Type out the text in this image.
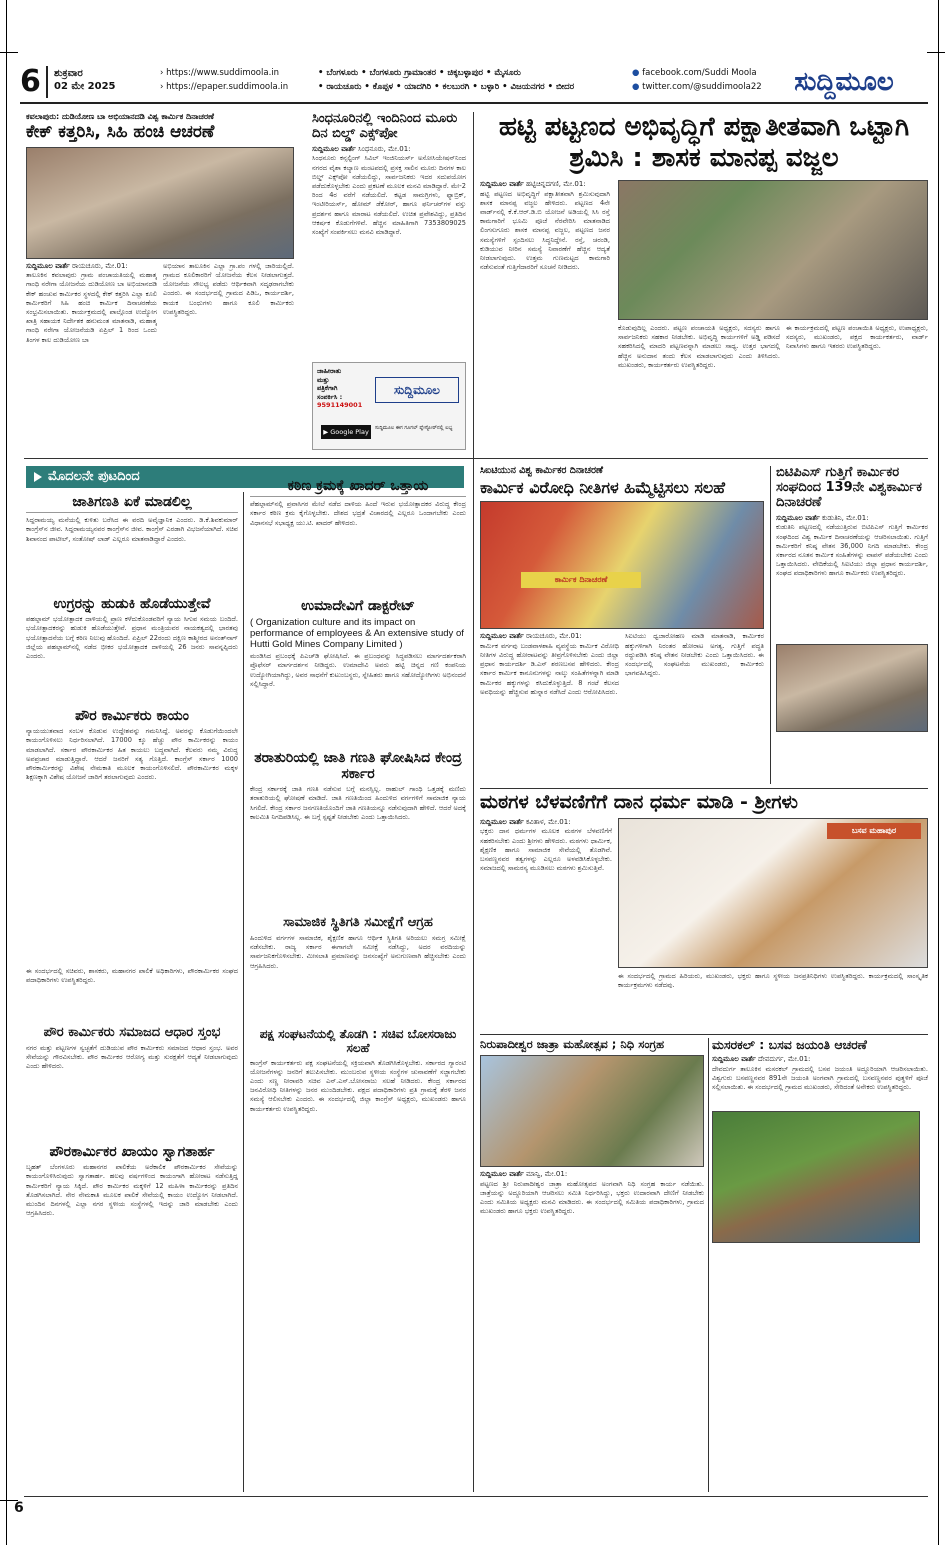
6 ಶುಕ್ರವಾರ
02 ಮೇ 2025
› https://www.suddimoola.in
› https://epaper.suddimoola.in
• ಬೆಂಗಳೂರು • ಬೆಂಗಳೂರು ಗ್ರಾಮಾಂತರ • ಚಿಕ್ಕಬಳ್ಳಾಪುರ • ಮೈಸೂರು
• ರಾಯಚೂರು • ಕೊಪ್ಪಳ • ಯಾದಗಿರಿ • ಕಲಬುರಗಿ • ಬಳ್ಳಾರಿ • ವಿಜಯನಗರ • ಬೀದರ
● facebook.com/Suddi Moola
● twitter.com/@suddimoola22	ಸುದ್ದಿಮೂಲ
ಕವಲಾಪುರು: ದುಡಿಯೋಣ ಬಾ ಅಭಿಯಾನದಡಿ ವಿಶ್ವ ಕಾರ್ಮಿಕ ದಿನಾಚರಣೆ
ಕೇಕ್ ಕತ್ತರಿಸಿ, ಸಿಹಿ ಹಂಚಿ ಆಚರಣೆ
ಸುದ್ದಿಮೂಲ ವಾರ್ತೆ ರಾಯಚೂರು, ಮೇ.01:
ತಾಲೂಕಿನ ಕವಲಾಪುರು ಗ್ರಾಮ ಪಂಚಾಯತಿಯಲ್ಲಿ ಮಹಾತ್ಮ ಗಾಂಧಿ ನರೇಗಾ ಯೋಜನೆಯ ದುಡಿಯೋಣ ಬಾ ಅಭಿಯಾನದಡಿ ಕೇಕ್ ಹಂಚುವ ಕಾರ್ಮಿಕರ ಸ್ಥಳದಲ್ಲಿ ಕೇಕ್ ಕತ್ತರಿಸಿ ಎಲ್ಲಾ ಕೂಲಿ ಕಾರ್ಮಿಕರಿಗೆ ಸಿಹಿ ಹಂಚಿ ಕಾರ್ಮಿಕ ದಿನಾಚರಣೆಯ ಸಂಭ್ರಮಿಸಲಾಯಿತು. ಕಾರ್ಯಕ್ರಮದಲ್ಲಿ ಪಾಲ್ಗೊಂಡ ಉದ್ಯೋಗ ಖಾತ್ರಿ ಸಹಾಯಕ ನಿರ್ದೇಶಕ ಹನುಮಂತ ಮಾತನಾಡಿ, ಮಹಾತ್ಮ ಗಾಂಧಿ ನರೇಗಾ ಯೋಜನೆಯಡಿ ಏಪ್ರಿಲ್ 1 ರಿಂದ ಒಂದು ತಿಂಗಳ ಕಾಲ ದುಡಿಯೋಣ ಬಾ
ಅಭಿಯಾನ ತಾಲೂಕಿನ ಎಲ್ಲಾ ಗ್ರಾ.ಪಂ ಗಳಲ್ಲಿ ಜಾರಿಯಲ್ಲಿದೆ. ಗ್ರಾಮದ ಕೂಲಿಕಾರರಿಗೆ ಯೋಜನೆಯ ಕೆಲಸ ನೀಡಲಾಗುತ್ತದೆ. ಯೋಜನೆಯ ಸೌಲಭ್ಯ ಪಡೆದು ಆರ್ಥಿಕವಾಗಿ ಸದೃಢರಾಗಬೇಕು ಎಂದರು. ಈ ಸಂದರ್ಭದಲ್ಲಿ ಗ್ರಾಮದ ಪಿಡಿಒ, ಕಾರ್ಯದರ್ಶಿ, ಕಾಯಕ ಬಂಧುಗಳು ಹಾಗೂ ಕೂಲಿ ಕಾರ್ಮಿಕರು ಉಪಸ್ಥಿತರಿದ್ದರು.
ಸಿಂಧನೂರಿನಲ್ಲಿ ಇಂದಿನಿಂದ ಮೂರು ದಿನ ಬಿಲ್ಡ್ ಎಕ್ಸ್‌ಪೋ
ಸುದ್ದಿಮೂಲ ವಾರ್ತೆ ಸಿಂಧನೂರು, ಮೇ.01:
ಸಿಂಧನೂರು ಕನ್ಸಲ್ಟಿಂಗ್ ಸಿವಿಲ್ ಇಂಜಿನಿಯರ್ಸ್ ಅಸೋಸಿಯೇಷನ್‌ನಿಂದ ನಗರದ ವೈಶಾ ಕಲ್ಯಾಣ ಮಂಟಪದಲ್ಲಿ ಪ್ರಸಕ್ತ ಸಾಲಿನ ಮೂರು ದಿನಗಳ ಕಾಲ ಬಿಲ್ಡ್ ಎಕ್ಸ್‌ಪೋ ನಡೆಯಲಿದ್ದು, ಸಾರ್ವಜನಿಕರು ಇದರ ಸದುಪಯೋಗ ಪಡೆದುಕೊಳ್ಳಬೇಕು ಎಂದು ಪ್ರಕಟಣೆ ಮೂಲಕ ಮನವಿ ಮಾಡಿದ್ದಾರೆ. ಮೇ-2 ರಿಂದ 4ರ ವರೆಗೆ ನಡೆಯಲಿದೆ. ಕಟ್ಟಡ ಸಾಮಗ್ರಿಗಳು, ಫ್ಯಾಬ್ರಿಕ್, ಇಂಟೀರಿಯರ್ಸ್, ಹೋಮ್ ಡೆಕೋರ್, ಹಾಗೂ ಫರ್ನಿಚರ್‌ಗಳ ವಸ್ತು ಪ್ರದರ್ಶನ ಹಾಗೂ ಮಾರಾಟ ನಡೆಯಲಿದೆ. ಉಚಿತ ಪ್ರವೇಶವಿದ್ದು, ಪ್ರತಿದಿನ ಆಕರ್ಷಕ ಕೊಡುಗೆಗಳಿವೆ. ಹೆಚ್ಚಿನ ಮಾಹಿತಿಗಾಗಿ 7353809025 ಸಂಖ್ಯೆಗೆ ಸಂಪರ್ಕಿಸಲು ಮನವಿ ಮಾಡಿದ್ದಾರೆ.
ಜಾಹೀರಾತು
ಮತ್ತು
ಪತ್ರಿಕೆಗಾಗಿ
ಸಂಪರ್ಕಿಸಿ :
9591149001
ಸುದ್ದಿಮೂಲ
▶ Google Play	ಸುದ್ದಿಮೂಲ ಈಗ ಗೂಗಲ್ ಪ್ಲೇಸ್ಟೋರ್‌ನಲ್ಲಿ ಲಭ್ಯ
ಹಟ್ಟಿ ಪಟ್ಟಣದ ಅಭಿವೃದ್ಧಿಗೆ ಪಕ್ಷಾತೀತವಾಗಿ ಒಟ್ಟಾಗಿ ಶ್ರಮಿಸಿ : ಶಾಸಕ ಮಾನಪ್ಪ ವಜ್ಜಲ
ಸುದ್ದಿಮೂಲ ವಾರ್ತೆ ಹಟ್ಟಿಚಿನ್ನದಗಣಿ, ಮೇ.01:
ಹಟ್ಟಿ ಪಟ್ಟಣದ ಅಭಿವೃದ್ಧಿಗೆ ಪಕ್ಷಾತೀತವಾಗಿ ಶ್ರಮಿಸುವುದಾಗಿ ಶಾಸಕ ಮಾನಪ್ಪ ವಜ್ಜಲ ಹೇಳಿದರು. ಪಟ್ಟಣದ 4ನೇ ವಾರ್ಡ್‌ನಲ್ಲಿ ಕೆ.ಕೆ.ಆರ್.ಡಿ.ಬಿ ಯೋಜನೆ ಅಡಿಯಲ್ಲಿ ಸಿಸಿ ರಸ್ತೆ ಕಾಮಗಾರಿಗೆ ಭೂಮಿ ಪೂಜೆ ನೆರವೇರಿಸಿ ಮಾತನಾಡಿದ ಲಿಂಗಸುಗೂರು ಶಾಸಕ ಮಾನಪ್ಪ ವಜ್ಜಲ, ಪಟ್ಟಣದ ಜನರ ಸಮಸ್ಯೆಗಳಿಗೆ ಸ್ಪಂದಿಸಲು ಸಿದ್ಧನಿದ್ದೇನೆ. ರಸ್ತೆ, ಚರಂಡಿ, ಕುಡಿಯುವ ನೀರಿನ ಸಮಸ್ಯೆ ನಿವಾರಣೆಗೆ ಹೆಚ್ಚಿನ ಆದ್ಯತೆ ನೀಡಲಾಗುವುದು. ಉತ್ತಮ ಗುಣಮಟ್ಟದ ಕಾಮಗಾರಿ ನಡೆಸುವಂತೆ ಗುತ್ತಿಗೆದಾರರಿಗೆ ಸೂಚನೆ ನೀಡಿದರು.
ಕೊಡುವುದಿಲ್ಲ ಎಂದರು. ಪಟ್ಟಣ ಪಂಚಾಯತಿ ಅಧ್ಯಕ್ಷರು, ಸದಸ್ಯರು ಹಾಗೂ ಸಾರ್ವಜನಿಕರು ಸಹಕಾರ ನೀಡಬೇಕು. ಅಭಿವೃದ್ಧಿ ಕಾರ್ಯಗಳಿಗೆ ಅಡ್ಡಿ ಪಡಿಸದೆ ಸಹಕರಿಸಿದಲ್ಲಿ ಮಾದರಿ ಪಟ್ಟಣವನ್ನಾಗಿ ಮಾಡಲು ಸಾಧ್ಯ. ಉತ್ತರ ಭಾಗದಲ್ಲಿ ಹೆಚ್ಚಿನ ಅನುದಾನ ತಂದು ಕೆಲಸ ಮಾಡಲಾಗುವುದು ಎಂದು ತಿಳಿಸಿದರು. ಮುಖಂಡರು, ಕಾರ್ಯಕರ್ತರು ಉಪಸ್ಥಿತರಿದ್ದರು.
ಈ ಕಾರ್ಯಕ್ರಮದಲ್ಲಿ ಪಟ್ಟಣ ಪಂಚಾಯಿತಿ ಅಧ್ಯಕ್ಷರು, ಉಪಾಧ್ಯಕ್ಷರು, ಸದಸ್ಯರು, ಮುಖಂಡರು, ಪಕ್ಷದ ಕಾರ್ಯಕರ್ತರು, ವಾರ್ಡ್ ನಿವಾಸಿಗಳು ಹಾಗೂ ಇತರರು ಉಪಸ್ಥಿತರಿದ್ದರು.
ಮೊದಲನೇ ಪುಟದಿಂದ
ಜಾತಿಗಣತಿ ಏಕೆ ಮಾಡಲಿಲ್ಲ
ಸಿದ್ದರಾಮಯ್ಯ ಮನೆಯಲ್ಲಿ ಕುಳಿತು ಬರೆಸಿದ ಈ ವರದಿ ಅವೈಜ್ಞಾನಿಕ ಎಂದರು. ಡಿ.ಕೆ.ಶಿವಕುಮಾರ್ ಕಾಂಗ್ರೆಸ್‌ನ ಜೀವ. ಸಿದ್ದರಾಮಯ್ಯನವರ ಕಾಂಗ್ರೆಸ್‌ನ ಜೀವ. ಕಾಂಗ್ರೆಸ್ ಎರಡಾಗಿ ವಿಭಜನೆಯಾಗಿದೆ. ಸಚಿವ ಶಿವಾನಂದ ಪಾಟೀಲ್, ಸಂತೋಷ್ ಲಾಡ್ ಎಲ್ಲರೂ ಮಾತನಾಡಿದ್ದಾರೆ ಎಂದರು.
ಉಗ್ರರನ್ನು ಹುಡುಕಿ ಹೊಡೆಯುತ್ತೇವೆ
ಪಹಲ್ಗಾಮ್ ಭಯೋತ್ಪಾದಕ ದಾಳಿಯಲ್ಲಿ ಪ್ರಾಣ ಕಳೆದುಕೊಂಡವರಿಗೆ ನ್ಯಾಯ ಸಿಗುವ ಸಮಯ ಬಂದಿದೆ. ಭಯೋತ್ಪಾದಕರನ್ನು ಹುಡುಕಿ ಹೊಡೆಯುತ್ತೇವೆ. ಪ್ರಧಾನ ಮಂತ್ರಿಯವರ ನಾಯಕತ್ವದಲ್ಲಿ ಭಾರತವು ಭಯೋತ್ಪಾದನೆಯ ಬಗ್ಗೆ ಕಠಿಣ ನಿಲುವು ಹೊಂದಿದೆ. ಏಪ್ರಿಲ್ 22ರಂದು ದಕ್ಷಿಣ ಕಾಶ್ಮೀರದ ಅನಂತ್‌ನಾಗ್ ಜಿಲ್ಲೆಯ ಪಹಲ್ಗಾಮ್‌ನಲ್ಲಿ ನಡೆದ ಭೀಕರ ಭಯೋತ್ಪಾದಕ ದಾಳಿಯಲ್ಲಿ 26 ಜನರು ಸಾವನ್ನಪ್ಪಿದರು ಎಂದರು.
ಪೌರ ಕಾರ್ಮಿಕರು ಕಾಯಂ
ನ್ಯಾಯಯುತವಾದ ಸಂಬಳ ಕೊಡುವ ಉದ್ದೇಶವನ್ನು ಗಮನಿಸಿದ್ದೆ. ಅವರನ್ನು ಕೊಡುಗೆಯಿಂದಲೇ ಕಾಯಂಗೊಳಿಸಲು ನಿರ್ಧರಿಸಲಾಗಿದೆ. 17000 ಕ್ಕೂ ಹೆಚ್ಚು ಪೌರ ಕಾರ್ಮಿಕರನ್ನು ಕಾಯಂ ಮಾಡಲಾಗಿದೆ. ಸರ್ಕಾರ ಪೌರಕಾರ್ಮಿಕರ ಹಿತ ಕಾಯಲು ಬದ್ಧವಾಗಿದೆ. ಕೆಲವರು ನಮ್ಮ ವಿರುದ್ಧ ಅಪಪ್ರಚಾರ ಮಾಡುತ್ತಿದ್ದಾರೆ. ಆದರೆ ಜನರಿಗೆ ಸತ್ಯ ಗೊತ್ತಿದೆ. ಕಾಂಗ್ರೆಸ್ ಸರ್ಕಾರ 1000 ಪೌರಕಾರ್ಮಿಕರನ್ನು ವಿಶೇಷ ನೇಮಕಾತಿ ಮೂಲಕ ಕಾಯಂಗೊಳಿಸಲಿದೆ. ಪೌರಕಾರ್ಮಿಕರ ಮಕ್ಕಳ ಶಿಕ್ಷಣಕ್ಕಾಗಿ ವಿಶೇಷ ಯೋಜನೆ ಜಾರಿಗೆ ತರಲಾಗುವುದು ಎಂದರು.
ಈ ಸಂದರ್ಭದಲ್ಲಿ ಸಚಿವರು, ಶಾಸಕರು, ಮಹಾನಗರ ಪಾಲಿಕೆ ಅಧಿಕಾರಿಗಳು, ಪೌರಕಾರ್ಮಿಕರ ಸಂಘದ ಪದಾಧಿಕಾರಿಗಳು ಉಪಸ್ಥಿತರಿದ್ದರು.
ಪೌರ ಕಾರ್ಮಿಕರು ಸಮಾಜದ ಆಧಾರ ಸ್ತಂಭ
ನಗರ ಮತ್ತು ಪಟ್ಟಣಗಳ ಸ್ವಚ್ಛತೆಗೆ ದುಡಿಯುವ ಪೌರ ಕಾರ್ಮಿಕರು ಸಮಾಜದ ಆಧಾರ ಸ್ತಂಭ. ಅವರ ಸೇವೆಯನ್ನು ಗೌರವಿಸಬೇಕು. ಪೌರ ಕಾರ್ಮಿಕರ ಆರೋಗ್ಯ ಮತ್ತು ಸುರಕ್ಷತೆಗೆ ಆದ್ಯತೆ ನೀಡಲಾಗುವುದು ಎಂದು ಹೇಳಿದರು.
ಪೌರಕಾರ್ಮಿಕರ ಖಾಯಂ ಸ್ವಾಗತಾರ್ಹ
ಬೃಹತ್ ಬೆಂಗಳೂರು ಮಹಾನಗರ ಪಾಲಿಕೆಯ ಅರೆಕಾಲಿಕ ಪೌರಕಾರ್ಮಿಕರ ಸೇವೆಯನ್ನು ಕಾಯಂಗೊಳಿಸಿರುವುದು ಸ್ವಾಗತಾರ್ಹ. ಹಲವು ವರ್ಷಗಳಿಂದ ಕಾಯಂಗಾಗಿ ಹೋರಾಟ ನಡೆಸುತ್ತಿದ್ದ ಕಾರ್ಮಿಕರಿಗೆ ನ್ಯಾಯ ಸಿಕ್ಕಿದೆ. ಪೌರ ಕಾರ್ಮಿಕರ ಮಕ್ಕಳಿಗೆ 12 ಮಹಿಳಾ ಕಾರ್ಮಿಕರನ್ನು ಪ್ರತಿದಿನ ತೊಡಗಿಸಲಾಗಿದೆ. ನೇರ ನೇಮಕಾತಿ ಮೂಲಕ ಪಾಲಿಕೆ ಸೇವೆಯಲ್ಲಿ ಕಾಯಂ ಉದ್ಯೋಗ ನೀಡಲಾಗಿದೆ. ಮುಂದಿನ ದಿನಗಳಲ್ಲಿ ಎಲ್ಲಾ ನಗರ ಸ್ಥಳೀಯ ಸಂಸ್ಥೆಗಳಲ್ಲಿ ಇದನ್ನು ಜಾರಿ ಮಾಡಬೇಕು ಎಂದು ಆಗ್ರಹಿಸಿದರು.
ಕಠಿಣ ಕ್ರಮಕ್ಕೆ ಖಾದರ್ ಒತ್ತಾಯ
ಪೆಹಲ್ಗಾಮ್‌ನಲ್ಲಿ ಪ್ರವಾಸಿಗರ ಮೇಲೆ ನಡೆದ ದಾಳಿಯ ಹಿಂದೆ ಇರುವ ಭಯೋತ್ಪಾದಕರ ವಿರುದ್ಧ ಕೇಂದ್ರ ಸರ್ಕಾರ ಕಠಿಣ ಕ್ರಮ ಕೈಗೊಳ್ಳಬೇಕು. ದೇಶದ ಭದ್ರತೆ ವಿಚಾರದಲ್ಲಿ ಎಲ್ಲರೂ ಒಂದಾಗಬೇಕು ಎಂದು ವಿಧಾನಸಭೆ ಸಭಾಧ್ಯಕ್ಷ ಯು.ಟಿ. ಖಾದರ್ ಹೇಳಿದರು.
ಉಮಾದೇವಿಗೆ ಡಾಕ್ಟರೇಟ್
( Organization culture and its impact on performance of employees & An extensive study of Hutti Gold Mines Company Limited )
ಮಂಡಿಸಿದ ಪ್ರಬಂಧಕ್ಕೆ ಪಿಎಚ್‌ಡಿ ಘೋಷಿಸಿದೆ. ಈ ಪ್ರಬಂಧವನ್ನು ಸಿದ್ಧಪಡಿಸಲು ಮಾರ್ಗದರ್ಶಕರಾಗಿ ಪ್ರೊಫೆಸರ್ ಮಾರ್ಗದರ್ಶನ ನೀಡಿದ್ದರು. ಉಮಾದೇವಿ ಅವರು ಹಟ್ಟಿ ಚಿನ್ನದ ಗಣಿ ಕಂಪನಿಯ ಉದ್ಯೋಗಿಯಾಗಿದ್ದು, ಅವರ ಸಾಧನೆಗೆ ಕುಟುಂಬಸ್ಥರು, ಸ್ನೇಹಿತರು ಹಾಗೂ ಸಹೋದ್ಯೋಗಿಗಳು ಅಭಿನಂದನೆ ಸಲ್ಲಿಸಿದ್ದಾರೆ.
ತರಾತುರಿಯಲ್ಲಿ ಜಾತಿ ಗಣತಿ ಘೋಷಿಸಿದ ಕೇಂದ್ರ ಸರ್ಕಾರ
ಕೇಂದ್ರ ಸರ್ಕಾರಕ್ಕೆ ಜಾತಿ ಗಣತಿ ನಡೆಸುವ ಬಗ್ಗೆ ಮನಸ್ಸಿಲ್ಲ. ರಾಹುಲ್ ಗಾಂಧಿ ಒತ್ತಡಕ್ಕೆ ಮಣಿದು ತರಾತುರಿಯಲ್ಲಿ ಘೋಷಣೆ ಮಾಡಿದೆ. ಜಾತಿ ಗಣತಿಯಿಂದ ಹಿಂದುಳಿದ ವರ್ಗಗಳಿಗೆ ಸಾಮಾಜಿಕ ನ್ಯಾಯ ಸಿಗಲಿದೆ. ಕೇಂದ್ರ ಸರ್ಕಾರ ಜನಗಣತಿಯೊಂದಿಗೆ ಜಾತಿ ಗಣತಿಯನ್ನೂ ನಡೆಸುವುದಾಗಿ ಹೇಳಿದೆ. ಆದರೆ ಅದಕ್ಕೆ ಕಾಲಮಿತಿ ನಿಗದಿಪಡಿಸಿಲ್ಲ. ಈ ಬಗ್ಗೆ ಸ್ಪಷ್ಟತೆ ನೀಡಬೇಕು ಎಂದು ಒತ್ತಾಯಿಸಿದರು.
ಸಾಮಾಜಿಕ ಸ್ಥಿತಿಗತಿ ಸಮೀಕ್ಷೆಗೆ ಆಗ್ರಹ
ಹಿಂದುಳಿದ ವರ್ಗಗಳ ಸಾಮಾಜಿಕ, ಶೈಕ್ಷಣಿಕ ಹಾಗೂ ಆರ್ಥಿಕ ಸ್ಥಿತಿಗತಿ ಅರಿಯಲು ಸಮಗ್ರ ಸಮೀಕ್ಷೆ ನಡೆಸಬೇಕು. ರಾಜ್ಯ ಸರ್ಕಾರ ಈಗಾಗಲೇ ಸಮೀಕ್ಷೆ ನಡೆಸಿದ್ದು, ಅದರ ವರದಿಯನ್ನು ಸಾರ್ವಜನಿಕಗೊಳಿಸಬೇಕು. ಮೀಸಲಾತಿ ಪ್ರಮಾಣವನ್ನು ಜನಸಂಖ್ಯೆಗೆ ಅನುಗುಣವಾಗಿ ಹೆಚ್ಚಿಸಬೇಕು ಎಂದು ಆಗ್ರಹಿಸಿದರು.
ಪಕ್ಷ ಸಂಘಟನೆಯಲ್ಲಿ ತೊಡಗಿ : ಸಚಿವ ಬೋಸರಾಜು ಸಲಹೆ
ಕಾಂಗ್ರೆಸ್ ಕಾರ್ಯಕರ್ತರು ಪಕ್ಷ ಸಂಘಟನೆಯಲ್ಲಿ ಸಕ್ರಿಯವಾಗಿ ತೊಡಗಿಸಿಕೊಳ್ಳಬೇಕು. ಸರ್ಕಾರದ ಗ್ಯಾರಂಟಿ ಯೋಜನೆಗಳನ್ನು ಜನರಿಗೆ ತಲುಪಿಸಬೇಕು. ಮುಂಬರುವ ಸ್ಥಳೀಯ ಸಂಸ್ಥೆಗಳ ಚುನಾವಣೆಗೆ ಸಜ್ಜಾಗಬೇಕು ಎಂದು ಸಣ್ಣ ನೀರಾವರಿ ಸಚಿವ ಎನ್.ಎಸ್.ಬೋಸರಾಜು ಸಲಹೆ ನೀಡಿದರು. ಕೇಂದ್ರ ಸರ್ಕಾರದ ಜನವಿರೋಧಿ ನೀತಿಗಳನ್ನು ಜನರ ಮುಂದಿಡಬೇಕು. ಪಕ್ಷದ ಪದಾಧಿಕಾರಿಗಳು ಪ್ರತಿ ಗ್ರಾಮಕ್ಕೆ ತೆರಳಿ ಜನರ ಸಮಸ್ಯೆ ಆಲಿಸಬೇಕು ಎಂದರು. ಈ ಸಂದರ್ಭದಲ್ಲಿ ಜಿಲ್ಲಾ ಕಾಂಗ್ರೆಸ್ ಅಧ್ಯಕ್ಷರು, ಮುಖಂಡರು ಹಾಗೂ ಕಾರ್ಯಕರ್ತರು ಉಪಸ್ಥಿತರಿದ್ದರು.
ಸಿಐಟಿಯುನ ವಿಶ್ವ ಕಾರ್ಮಿಕರ ದಿನಾಚರಣೆ
ಕಾರ್ಮಿಕ ವಿರೋಧಿ ನೀತಿಗಳ ಹಿಮ್ಮೆಟ್ಟಿಸಲು ಸಲಹೆ
ಕಾರ್ಮಿಕ ದಿನಾಚರಣೆ
ಸುದ್ದಿಮೂಲ ವಾರ್ತೆ ರಾಯಚೂರು, ಮೇ.01:
ಕಾರ್ಮಿಕ ವರ್ಗವು ಬಂಡವಾಳಶಾಹಿ ವ್ಯವಸ್ಥೆಯ ಕಾರ್ಮಿಕ ವಿರೋಧಿ ನೀತಿಗಳ ವಿರುದ್ಧ ಹೋರಾಟವನ್ನು ತೀವ್ರಗೊಳಿಸಬೇಕು ಎಂದು ಜಿಲ್ಲಾ ಪ್ರಧಾನ ಕಾರ್ಯದರ್ಶಿ ಡಿ.ಎಸ್ ಶರಣಬಸವ ಹೇಳಿದರು. ಕೇಂದ್ರ ಸರ್ಕಾರ ಕಾರ್ಮಿಕ ಕಾನೂನುಗಳನ್ನು ನಾಲ್ಕು ಸಂಹಿತೆಗಳನ್ನಾಗಿ ಮಾಡಿ ಕಾರ್ಮಿಕರ ಹಕ್ಕುಗಳನ್ನು ಕಸಿದುಕೊಳ್ಳುತ್ತಿದೆ. 8 ಗಂಟೆ ಕೆಲಸದ ಅವಧಿಯನ್ನು ಹೆಚ್ಚಿಸುವ ಹುನ್ನಾರ ನಡೆಸಿದೆ ಎಂದು ಆರೋಪಿಸಿದರು.
ಸಿಐಟಿಯು ಧ್ವಜಾರೋಹಣ ಮಾಡಿ ಮಾತನಾಡಿ, ಕಾರ್ಮಿಕರ ಹಕ್ಕುಗಳಿಗಾಗಿ ನಿರಂತರ ಹೋರಾಟ ಅಗತ್ಯ. ಗುತ್ತಿಗೆ ಪದ್ಧತಿ ರದ್ದುಪಡಿಸಿ ಕನಿಷ್ಠ ವೇತನ ನೀಡಬೇಕು ಎಂದು ಒತ್ತಾಯಿಸಿದರು. ಈ ಸಂದರ್ಭದಲ್ಲಿ ಸಂಘಟನೆಯ ಮುಖಂಡರು, ಕಾರ್ಮಿಕರು ಭಾಗವಹಿಸಿದ್ದರು.
ಬಿಟಿಪಿಎಸ್ ಗುತ್ತಿಗೆ ಕಾರ್ಮಿಕರ ಸಂಘದಿಂದ 139ನೇ ವಿಶ್ವಕಾರ್ಮಿಕ ದಿನಾಚರಣೆ
ಸುದ್ದಿಮೂಲ ವಾರ್ತೆ ಕುಡುತಿನಿ, ಮೇ.01:
ಕುಡುತಿನಿ ಪಟ್ಟಣದಲ್ಲಿ ನಡೆಯುತ್ತಿರುವ ಬಿಟಿಪಿಎಸ್ ಗುತ್ತಿಗೆ ಕಾರ್ಮಿಕರ ಸಂಘದಿಂದ ವಿಶ್ವ ಕಾರ್ಮಿಕ ದಿನಾಚರಣೆಯನ್ನು ಆಚರಿಸಲಾಯಿತು. ಗುತ್ತಿಗೆ ಕಾರ್ಮಿಕರಿಗೆ ಕನಿಷ್ಠ ವೇತನ 36,000 ನಿಗದಿ ಮಾಡಬೇಕು. ಕೇಂದ್ರ ಸರ್ಕಾರದ ನೂತನ ಕಾರ್ಮಿಕ ಸಂಹಿತೆಗಳನ್ನು ವಾಪಸ್ ಪಡೆಯಬೇಕು ಎಂದು ಒತ್ತಾಯಿಸಿದರು. ವೇದಿಕೆಯಲ್ಲಿ ಸಿಐಟಿಯು ಜಿಲ್ಲಾ ಪ್ರಧಾನ ಕಾರ್ಯದರ್ಶಿ, ಸಂಘದ ಪದಾಧಿಕಾರಿಗಳು ಹಾಗೂ ಕಾರ್ಮಿಕರು ಉಪಸ್ಥಿತರಿದ್ದರು.
ಮಠಗಳ ಬೆಳವಣಿಗೆಗೆ ದಾನ ಧರ್ಮ ಮಾಡಿ - ಶ್ರೀಗಳು
ಸುದ್ದಿಮೂಲ ವಾರ್ತೆ ಕವಿತಾಳ, ಮೇ.01:
ಭಕ್ತರು ದಾನ ಧರ್ಮಗಳ ಮೂಲಕ ಮಠಗಳ ಬೆಳವಣಿಗೆಗೆ ಸಹಕರಿಸಬೇಕು ಎಂದು ಶ್ರೀಗಳು ಹೇಳಿದರು. ಮಠಗಳು ಧಾರ್ಮಿಕ, ಶೈಕ್ಷಣಿಕ ಹಾಗೂ ಸಾಮಾಜಿಕ ಸೇವೆಯಲ್ಲಿ ತೊಡಗಿವೆ. ಬಸವಣ್ಣನವರ ತತ್ವಗಳನ್ನು ಎಲ್ಲರೂ ಅಳವಡಿಸಿಕೊಳ್ಳಬೇಕು. ಸಮಾಜದಲ್ಲಿ ಸಾಮರಸ್ಯ ಮೂಡಿಸಲು ಮಠಗಳು ಶ್ರಮಿಸುತ್ತಿವೆ.
ಬಸವ ಮಹಾಪುರ
ಈ ಸಂದರ್ಭದಲ್ಲಿ ಗ್ರಾಮದ ಹಿರಿಯರು, ಮುಖಂಡರು, ಭಕ್ತರು ಹಾಗೂ ಸ್ಥಳೀಯ ಜನಪ್ರತಿನಿಧಿಗಳು ಉಪಸ್ಥಿತರಿದ್ದರು. ಕಾರ್ಯಕ್ರಮದಲ್ಲಿ ಸಾಂಸ್ಕೃತಿಕ ಕಾರ್ಯಕ್ರಮಗಳು ನಡೆದವು.
ನಿರುಪಾದೀಶ್ವರ ಜಾತ್ರಾ ಮಹೋತ್ಸವ ; ನಿಧಿ ಸಂಗ್ರಹ
ಸುದ್ದಿಮೂಲ ವಾರ್ತೆ ಮಾನ್ವಿ, ಮೇ.01:
ಪಟ್ಟಣದ ಶ್ರೀ ನಿರುಪಾದೀಶ್ವರ ಜಾತ್ರಾ ಮಹೋತ್ಸವದ ಅಂಗವಾಗಿ ನಿಧಿ ಸಂಗ್ರಹ ಕಾರ್ಯ ನಡೆಯಿತು. ಜಾತ್ರೆಯನ್ನು ಅದ್ದೂರಿಯಾಗಿ ಆಚರಿಸಲು ಸಮಿತಿ ನಿರ್ಧರಿಸಿದ್ದು, ಭಕ್ತರು ಉದಾರವಾಗಿ ದೇಣಿಗೆ ನೀಡಬೇಕು ಎಂದು ಸಮಿತಿಯ ಅಧ್ಯಕ್ಷರು ಮನವಿ ಮಾಡಿದರು. ಈ ಸಂದರ್ಭದಲ್ಲಿ ಸಮಿತಿಯ ಪದಾಧಿಕಾರಿಗಳು, ಗ್ರಾಮದ ಮುಖಂಡರು ಹಾಗೂ ಭಕ್ತರು ಉಪಸ್ಥಿತರಿದ್ದರು.
ಮಸರಕಲ್ : ಬಸವ ಜಯಂತಿ ಆಚರಣೆ
ಸುದ್ದಿಮೂಲ ವಾರ್ತೆ ದೇವದುರ್ಗ, ಮೇ.01:
ದೇವದುರ್ಗ ತಾಲೂಕಿನ ಮಸರಕಲ್ ಗ್ರಾಮದಲ್ಲಿ ಬಸವ ಜಯಂತಿ ಅದ್ದೂರಿಯಾಗಿ ಆಚರಿಸಲಾಯಿತು. ವಿಶ್ವಗುರು ಬಸವಣ್ಣನವರ 891ನೇ ಜಯಂತಿ ಅಂಗವಾಗಿ ಗ್ರಾಮದಲ್ಲಿ ಬಸವಣ್ಣನವರ ಪುತ್ಥಳಿಗೆ ಪೂಜೆ ಸಲ್ಲಿಸಲಾಯಿತು. ಈ ಸಂದರ್ಭದಲ್ಲಿ ಗ್ರಾಮದ ಮುಖಂಡರು, ಸೇರಿದಂತೆ ಅನೇಕರು ಉಪಸ್ಥಿತರಿದ್ದರು.
6
